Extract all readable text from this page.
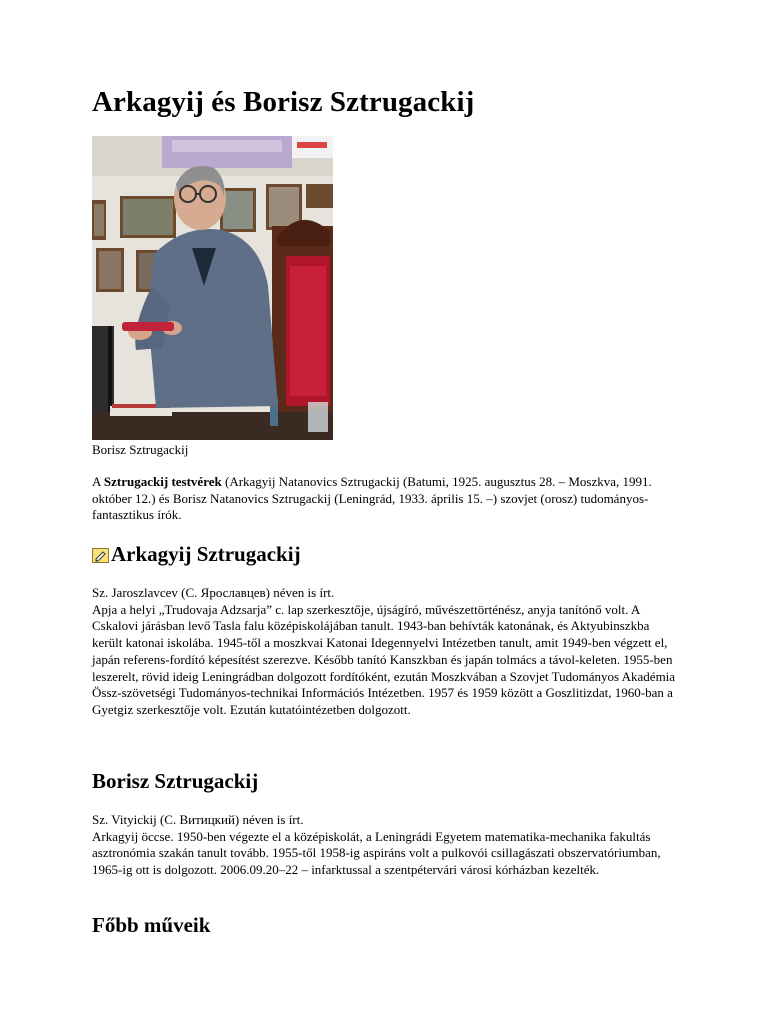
Arkagyij és Borisz Sztrugackij
Borisz Sztrugackij
A Sztrugackij testvérek (Arkagyij Natanovics Sztrugackij (Batumi, 1925. augusztus 28. – Moszkva, 1991. október 12.) és Borisz Natanovics Sztrugackij (Leningrád, 1933. április 15. –) szovjet (orosz) tudományos-fantasztikus írók.
Arkagyij Sztrugackij
Sz. Jaroszlavcev (С. Ярославцев) néven is írt.
Apja a helyi „Trudovaja Adzsarja” c. lap szerkesztője, újságíró, művészettörténész, anyja tanítónő volt. A Cskalovi járásban levő Tasla falu középiskolájában tanult. 1943-ban behívták katonának, és Aktyubinszkba került katonai iskolába. 1945-től a moszkvai Katonai Idegennyelvi Intézetben tanult, amit 1949-ben végzett el, japán referens-fordító képesítést szerezve. Később tanító Kanszkban és japán tolmács a távol-keleten. 1955-ben leszerelt, rövid ideig Leningrádban dolgozott fordítóként, ezután Moszkvában a Szovjet Tudományos Akadémia Össz-szövetségi Tudományos-technikai Információs Intézetben. 1957 és 1959 között a Goszlitizdat, 1960-ban a Gyetgiz szerkesztője volt. Ezután kutatóintézetben dolgozott.
Borisz Sztrugackij
Sz. Vityickij (С. Витицкий) néven is írt.
Arkagyij öccse. 1950-ben végezte el a középiskolát, a Leningrádi Egyetem matematika-mechanika fakultás asztronómia szakán tanult tovább. 1955-től 1958-ig aspiráns volt a pulkovói csillagászati obszervatóriumban, 1965-ig ott is dolgozott. 2006.09.20–22 – infarktussal a szentpétervári városi kórházban kezelték.
Főbb műveik
